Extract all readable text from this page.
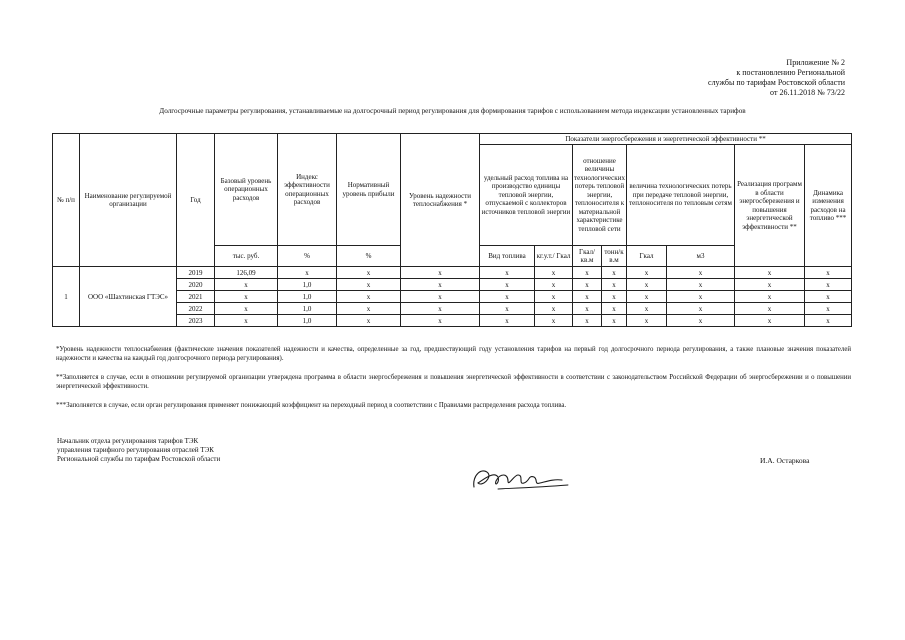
Приложение № 2
к постановлению Региональной
службы по тарифам Ростовской области
от 26.11.2018 № 73/22
Долгосрочные параметры регулирования, устанавливаемые на долгосрочный период регулирования для формирования тарифов с использованием метода индексации установленных тарифов
№ п/п	Наименование регулируемой организации	Год	Базовый уровень операционных расходов	Индекс эффективности операционных расходов	Нормативный уровень прибыли	Уровень надежности теплоснабжения *	Показатели энергосбережения и энергетической эффективности **							
							удельный расход топлива на производство единицы тепловой энергии, отпускаемой с коллекторов источников тепловой энергии		отношение величины технологических потерь тепловой энергии, теплоносителя к материальной характеристике тепловой сети		величина технологических потерь при передаче тепловой энергии, теплоносителя по тепловым сетям		Реализация программ в области энергосбережения и повышения энергетической эффективности **	Динамика изменения расходов на топливо ***
			тыс. руб.	%	%		Вид топлива	кг.у.т./ Гкал	Гкал/ кв.м	тонн/к в.м	Гкал	м3		
1	ООО «Шахтинская ГТЭС»	2019	126,09	x	x	x	x	x	x	x	x	x	x	x
		2020	x	1,0	x	x	x	x	x	x	x	x	x	x
		2021	x	1,0	x	x	x	x	x	x	x	x	x	x
		2022	x	1,0	x	x	x	x	x	x	x	x	x	x
		2023	x	1,0	x	x	x	x	x	x	x	x	x	x

*Уровень надежности теплоснабжения (фактические значения показателей надежности и качества, определенные за год, предшествующий году установления тарифов на первый год долгосрочного периода регулирования, а также плановые значения показателей надежности и качества на каждый год долгосрочного периода регулирования).

**Заполняется в случае, если в отношении регулируемой организации утверждена программа в области энергосбережения и повышения энергетической эффективности в соответствии с законодательством Российской Федерации об энергосбережении и о повышении энергетической эффективности.

***Заполняется в случае, если орган регулирования применяет понижающий коэффициент на переходный период в соответствии с Правилами распределения расхода топлива.

Начальник отдела регулирования тарифов ТЭК
управления тарифного регулирования отраслей ТЭК
Региональной службы по тарифам Ростовской области	И.А. Остаркова
